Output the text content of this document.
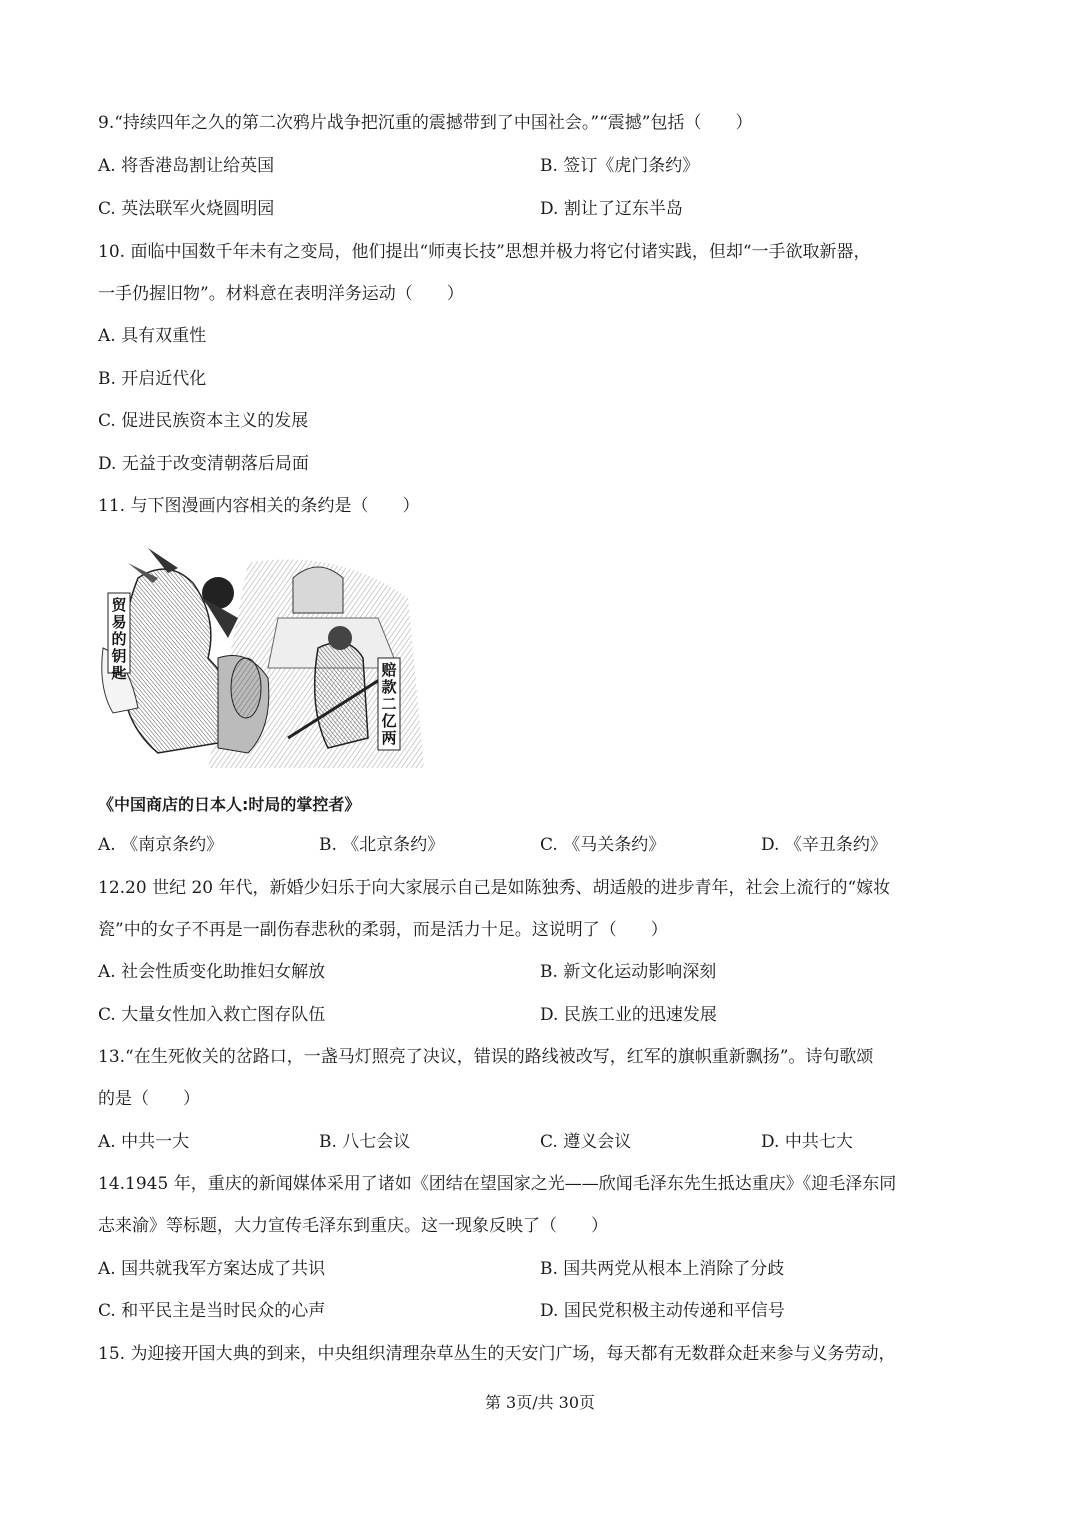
9.“持续四年之久的第二次鸦片战争把沉重的震撼带到了中国社会。”“震撼”包括（　　）
A. 将香港岛割让给英国	B. 签订《虎门条约》
C. 英法联军火烧圆明园	D. 割让了辽东半岛
10. 面临中国数千年未有之变局，他们提出“师夷长技”思想并极力将它付诸实践，但却“一手欲取新器，
一手仍握旧物”。材料意在表明洋务运动（　　）
A. 具有双重性
B. 开启近代化
C. 促进民族资本主义的发展
D. 无益于改变清朝落后局面
11. 与下图漫画内容相关的条约是（　　）
贸易的钥匙	赔款二亿两
《中国商店的日本人:时局的掌控者》
A. 《南京条约》	B. 《北京条约》	C. 《马关条约》	D. 《辛丑条约》
12.20 世纪 20 年代，新婚少妇乐于向大家展示自己是如陈独秀、胡适般的进步青年，社会上流行的“嫁妆
瓷”中的女子不再是一副伤春悲秋的柔弱，而是活力十足。这说明了（　　）
A. 社会性质变化助推妇女解放	B. 新文化运动影响深刻
C. 大量女性加入救亡图存队伍	D. 民族工业的迅速发展
13.“在生死攸关的岔路口，一盏马灯照亮了决议，错误的路线被改写，红军的旗帜重新飘扬”。诗句歌颂
的是（　　）
A. 中共一大	B. 八七会议	C. 遵义会议	D. 中共七大
14.1945 年，重庆的新闻媒体采用了诸如《团结在望国家之光——欣闻毛泽东先生抵达重庆》《迎毛泽东同
志来渝》等标题，大力宣传毛泽东到重庆。这一现象反映了（　　）
A. 国共就我军方案达成了共识	B. 国共两党从根本上消除了分歧
C. 和平民主是当时民众的心声	D. 国民党积极主动传递和平信号
15. 为迎接开国大典的到来，中央组织清理杂草丛生的天安门广场，每天都有无数群众赶来参与义务劳动，
第 3页/共 30页
